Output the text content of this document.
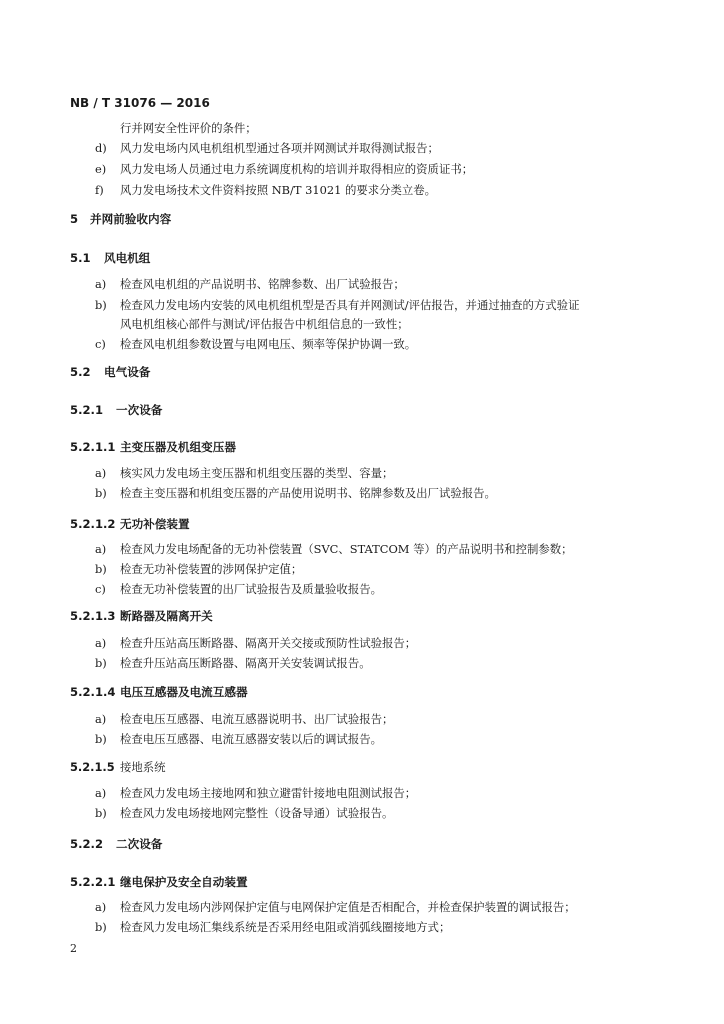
NB / T 31076 — 2016
行并网安全性评价的条件；
d)	风力发电场内风电机组机型通过各项并网测试并取得测试报告；
e)	风力发电场人员通过电力系统调度机构的培训并取得相应的资质证书；
f)	风力发电场技术文件资料按照 NB/T 31021 的要求分类立卷。
5 并网前验收内容
5.1 风电机组
a)	检查风电机组的产品说明书、铭牌参数、出厂试验报告；
b)	检查风力发电场内安装的风电机组机型是否具有并网测试/评估报告，并通过抽查的方式验证
风电机组核心部件与测试/评估报告中机组信息的一致性；
c)	检查风电机组参数设置与电网电压、频率等保护协调一致。
5.2 电气设备
5.2.1 一次设备
5.2.1.1 主变压器及机组变压器
a)	核实风力发电场主变压器和机组变压器的类型、容量；
b)	检查主变压器和机组变压器的产品使用说明书、铭牌参数及出厂试验报告。
5.2.1.2 无功补偿装置
a)	检查风力发电场配备的无功补偿装置（SVC、STATCOM 等）的产品说明书和控制参数；
b)	检查无功补偿装置的涉网保护定值；
c)	检查无功补偿装置的出厂试验报告及质量验收报告。
5.2.1.3 断路器及隔离开关
a)	检查升压站高压断路器、隔离开关交接或预防性试验报告；
b)	检查升压站高压断路器、隔离开关安装调试报告。
5.2.1.4 电压互感器及电流互感器
a)	检查电压互感器、电流互感器说明书、出厂试验报告；
b)	检查电压互感器、电流互感器安装以后的调试报告。
5.2.1.5 接地系统
a)	检查风力发电场主接地网和独立避雷针接地电阻测试报告；
b)	检查风力发电场接地网完整性（设备导通）试验报告。
5.2.2 二次设备
5.2.2.1 继电保护及安全自动装置
a)	检查风力发电场内涉网保护定值与电网保护定值是否相配合，并检查保护装置的调试报告；
b)	检查风力发电场汇集线系统是否采用经电阻或消弧线圈接地方式；
2
